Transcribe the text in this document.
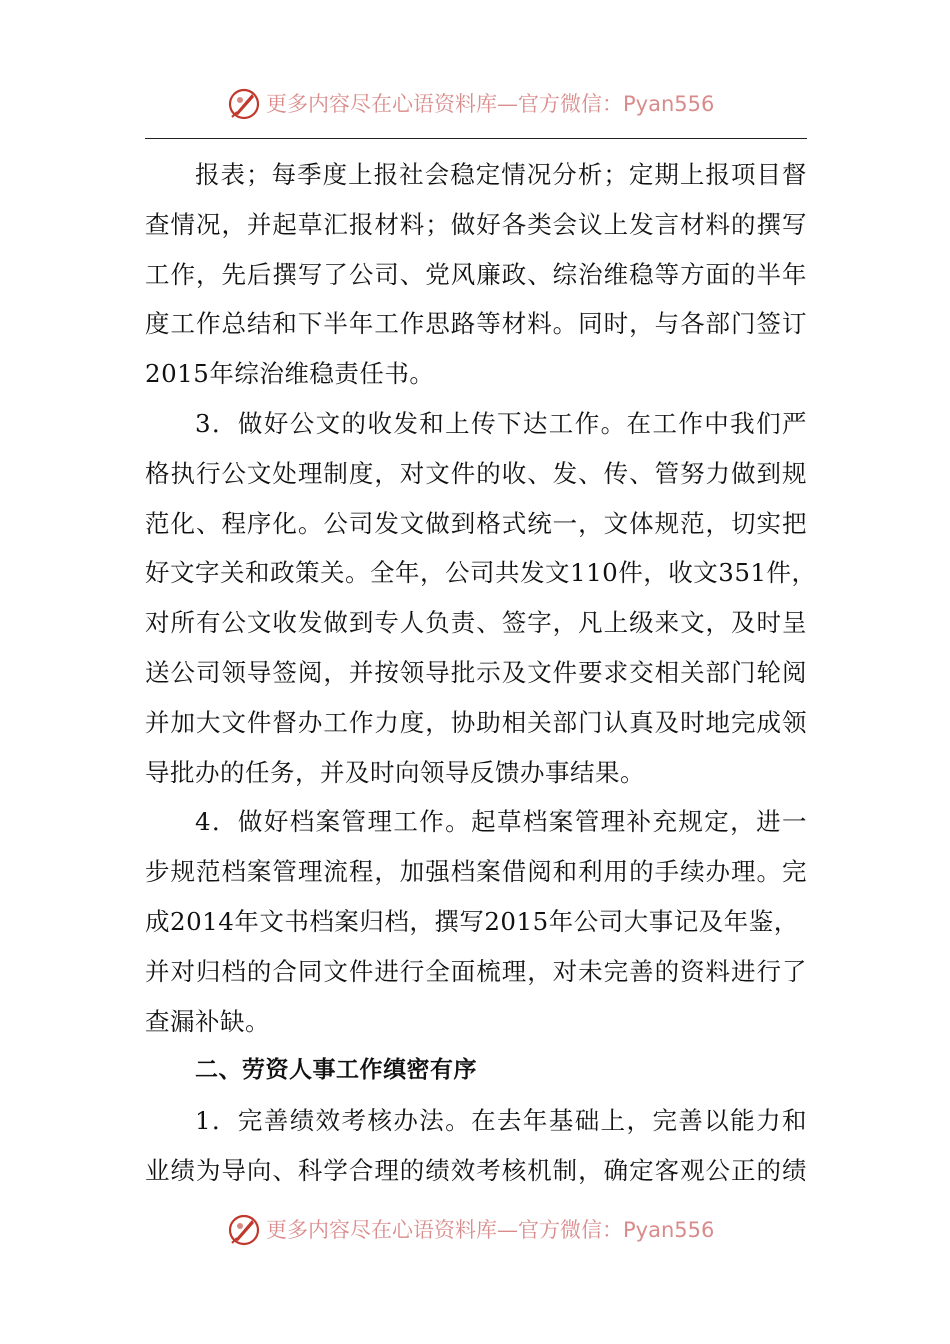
更多内容尽在心语资料库—官方微信：Pyan556
报表；每季度上报社会稳定情况分析；定期上报项目督
查情况，并起草汇报材料；做好各类会议上发言材料的撰写
工作，先后撰写了公司、党风廉政、综治维稳等方面的半年
度工作总结和下半年工作思路等材料。同时，与各部门签订
2015年综治维稳责任书。
3．做好公文的收发和上传下达工作。在工作中我们严
格执行公文处理制度，对文件的收、发、传、管努力做到规
范化、程序化。公司发文做到格式统一，文体规范，切实把
好文字关和政策关。全年，公司共发文110件，收文351件，
对所有公文收发做到专人负责、签字，凡上级来文，及时呈
送公司领导签阅，并按领导批示及文件要求交相关部门轮阅
并加大文件督办工作力度，协助相关部门认真及时地完成领
导批办的任务，并及时向领导反馈办事结果。
4．做好档案管理工作。起草档案管理补充规定，进一
步规范档案管理流程，加强档案借阅和利用的手续办理。完
成2014年文书档案归档，撰写2015年公司大事记及年鉴，
并对归档的合同文件进行全面梳理，对未完善的资料进行了
查漏补缺。
二、劳资人事工作缜密有序
1．完善绩效考核办法。在去年基础上，完善以能力和
业绩为导向、科学合理的绩效考核机制，确定客观公正的绩
更多内容尽在心语资料库—官方微信：Pyan556
